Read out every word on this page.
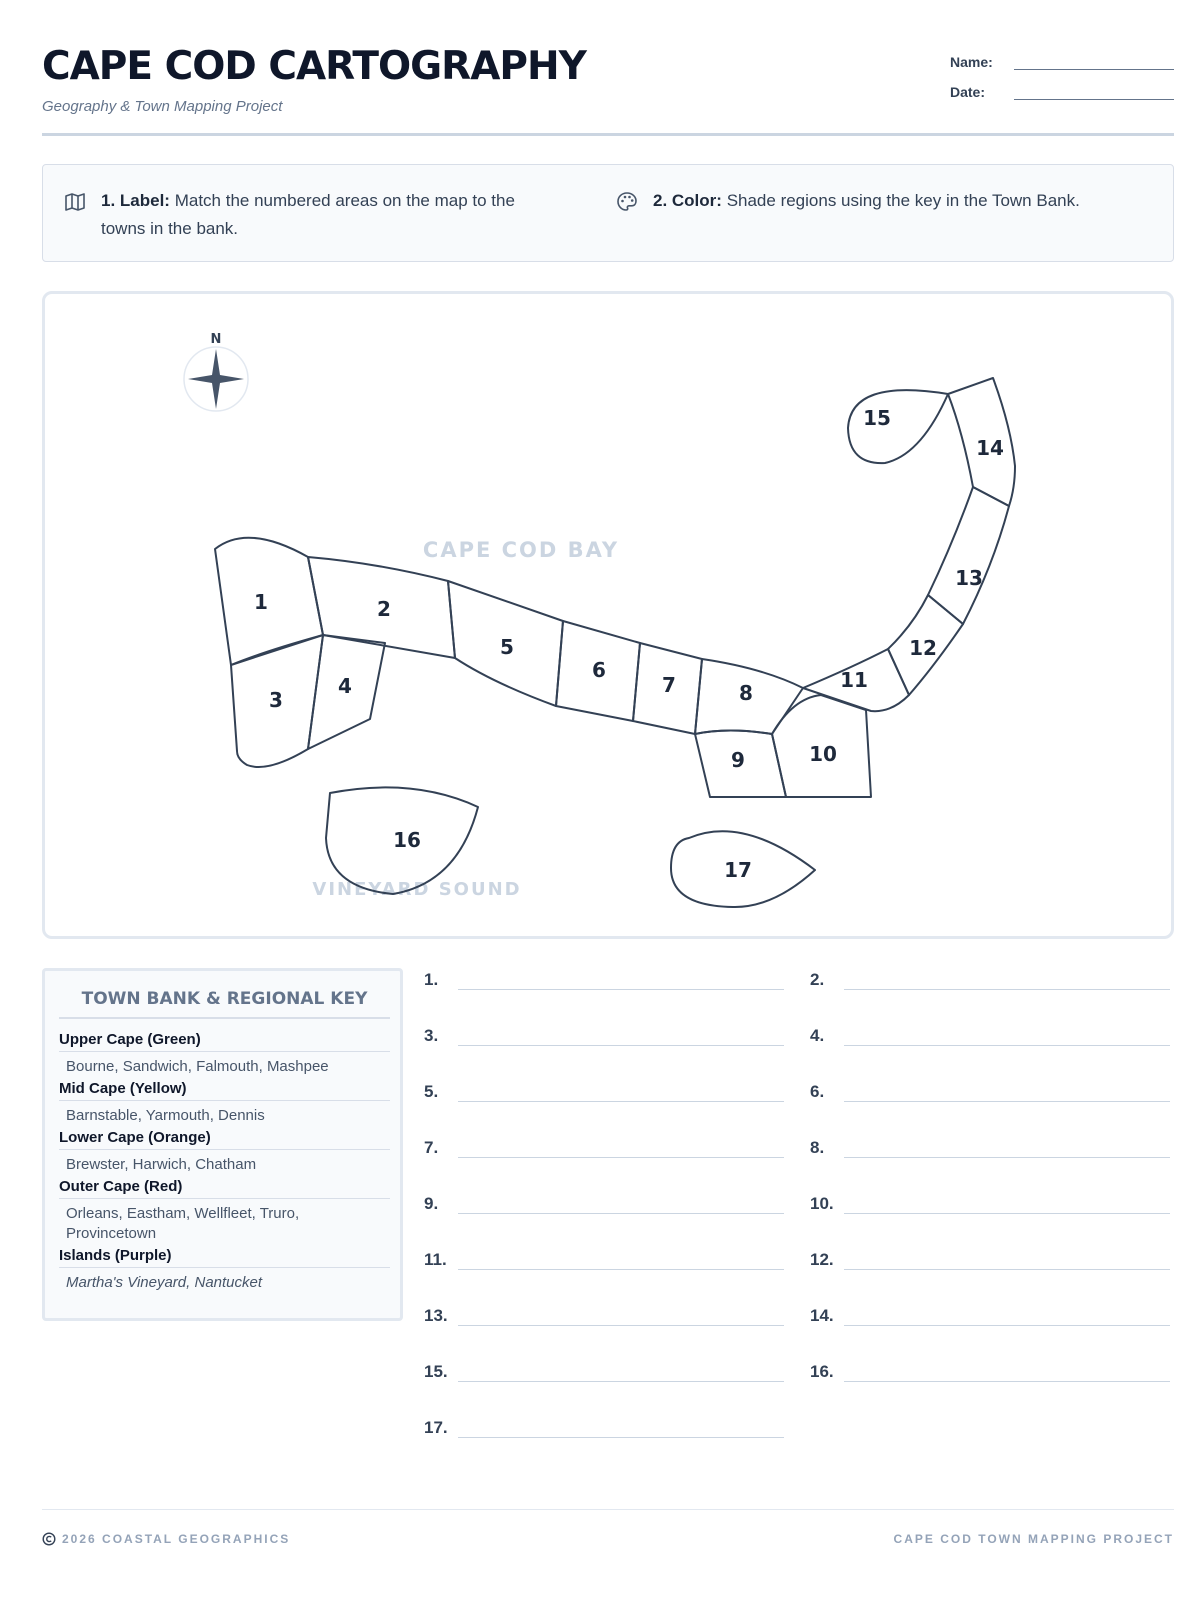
CAPE COD CARTOGRAPHY
Geography & Town Mapping Project
Name:
Date:
1. Label: Match the numbered areas on the map to the towns in the bank.
2. Color: Shade regions using the key in the Town Bank.
CAPE COD BAY
VINEYARD SOUND
N
1	2
3
4
5
6
7	8
9	10
11
12
13
14
15
16
17
TOWN BANK & REGIONAL KEY
Upper Cape (Green)
Bourne, Sandwich, Falmouth, Mashpee
Mid Cape (Yellow)
Barnstable, Yarmouth, Dennis
Lower Cape (Orange)
Brewster, Harwich, Chatham
Outer Cape (Red)
Orleans, Eastham, Wellfleet, Truro, Provincetown
Islands (Purple)
Martha's Vineyard, Nantucket
1.	2.
3.	4.
5.	6.
7.	8.
9.	10.
11.	12.
13.	14.
15.	16.
17.
2026 COASTAL GEOGRAPHICS	CAPE COD TOWN MAPPING PROJECT
